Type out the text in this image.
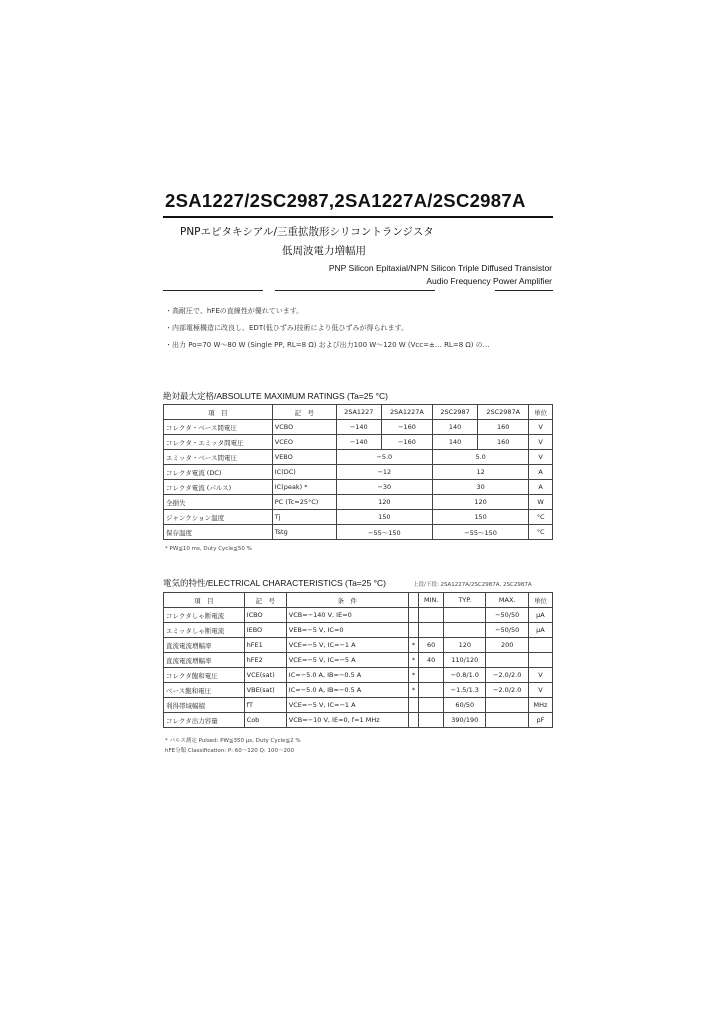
2SA1227/2SC2987,2SA1227A/2SC2987A
PNPエピタキシアル/三重拡散形シリコントランジスタ
低周波電力増幅用
PNP Silicon Epitaxial/NPN Silicon Triple Diffused Transistor
Audio Frequency Power Amplifier
・高耐圧で、hFEの直線性が優れています。
・内部電極構造に改良し、EDT(低ひずみ)技術により低ひずみが得られます。
・出力 Po=70 W～80 W (Single PP, RL=8 Ω) および出力100 W～120 W (Vcc=±… RL=8 Ω) の…
絶対最大定格/ABSOLUTE MAXIMUM RATINGS (Ta=25 °C)
項　目	記　号	2SA1227	2SA1227A	2SC2987	2SC2987A	単位
コレクタ・ベース間電圧	VCBO	−140	−160	140	160	V
コレクタ・エミッタ間電圧	VCEO	−140	−160	140	160	V
エミッタ・ベース間電圧	VEBO	−5.0		5.0		V
コレクタ電流 (DC)	IC(DC)	−12		12		A
コレクタ電流 (パルス)	IC(peak) *	−30		30		A
全損失	PC (Tc=25°C)	120		120		W
ジャンクション温度	Tj	150		150		°C
保存温度	Tstg	−55～150		−55～150		°C
* PW≦10 ms, Duty Cycle≦50 %
電気的特性/ELECTRICAL CHARACTERISTICS (Ta=25 °C)	上段/下段: 2SA1227A/2SC2987A, 2SC2987A
項　目	記　号	条　件		MIN.	TYP.	MAX.	単位
コレクタしゃ断電流	ICBO	VCB=−140 V, IE=0				−50/50	μA
エミッタしゃ断電流	IEBO	VEB=−5 V, IC=0				−50/50	μA
直流電流増幅率	hFE1	VCE=−5 V, IC=−1 A	*	60	120	200	
直流電流増幅率	hFE2	VCE=−5 V, IC=−5 A	*	40	110/120		
コレクタ飽和電圧	VCE(sat)	IC=−5.0 A, IB=−0.5 A	*		−0.8/1.0	−2.0/2.0	V
ベース飽和電圧	VBE(sat)	IC=−5.0 A, IB=−0.5 A	*		−1.5/1.3	−2.0/2.0	V
利得帯域幅積	fT	VCE=−5 V, IC=−1 A			60/50		MHz
コレクタ出力容量	Cob	VCB=−10 V, IE=0, f=1 MHz			390/190		pF
* パルス測定 Pulsed: PW≦350 μs, Duty Cycle≦2 %
hFE分類 Classification: P: 60～120 Q: 100～200
